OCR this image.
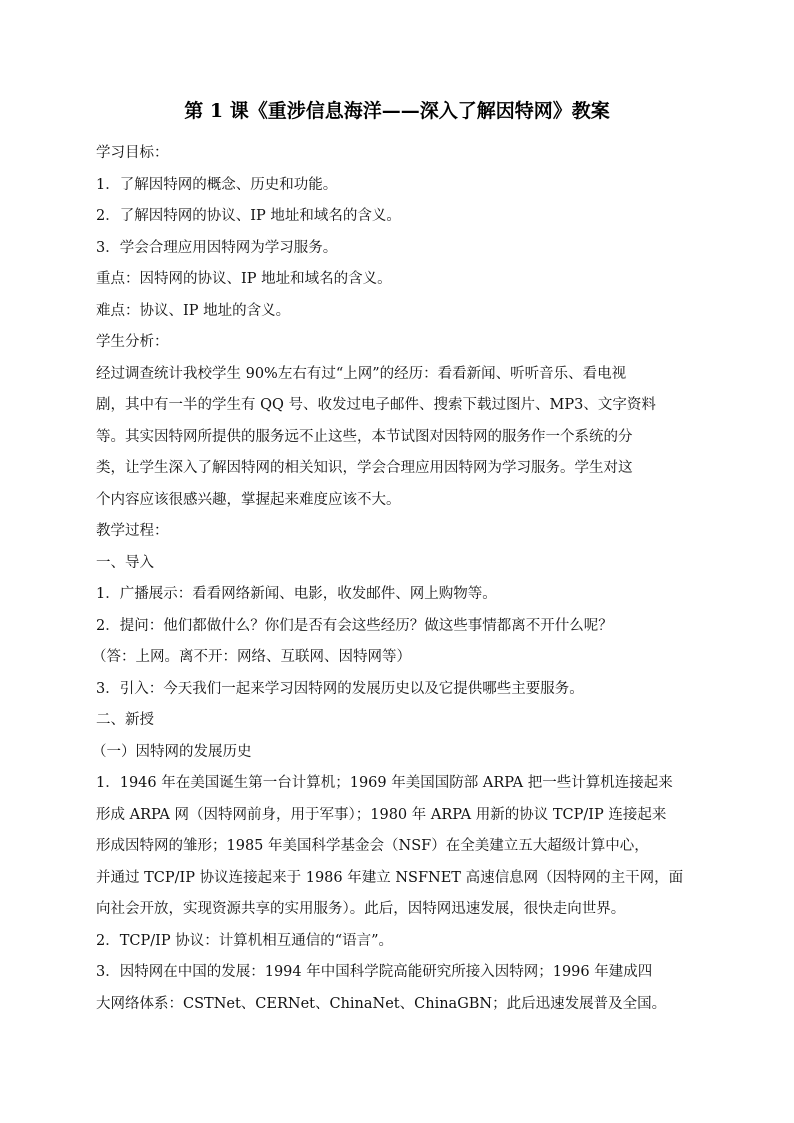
第 1 课《重涉信息海洋——深入了解因特网》教案
学习目标：
1．了解因特网的概念、历史和功能。
2．了解因特网的协议、IP 地址和域名的含义。
3．学会合理应用因特网为学习服务。
重点：因特网的协议、IP 地址和域名的含义。
难点：协议、IP 地址的含义。
学生分析：
经过调查统计我校学生 90%左右有过“上网”的经历：看看新闻、听听音乐、看电视
剧，其中有一半的学生有 QQ 号、收发过电子邮件、搜索下载过图片、MP3、文字资料
等。其实因特网所提供的服务远不止这些，本节试图对因特网的服务作一个系统的分
类，让学生深入了解因特网的相关知识，学会合理应用因特网为学习服务。学生对这
个内容应该很感兴趣，掌握起来难度应该不大。
教学过程：
一、导入
1．广播展示：看看网络新闻、电影，收发邮件、网上购物等。
2．提问：他们都做什么？你们是否有会这些经历？做这些事情都离不开什么呢？
（答：上网。离不开：网络、互联网、因特网等）
3．引入：今天我们一起来学习因特网的发展历史以及它提供哪些主要服务。
二、新授
（一）因特网的发展历史
1．1946 年在美国诞生第一台计算机；1969 年美国国防部 ARPA 把一些计算机连接起来
形成 ARPA 网（因特网前身，用于军事）；1980 年 ARPA 用新的协议 TCP/IP 连接起来
形成因特网的雏形；1985 年美国科学基金会（NSF）在全美建立五大超级计算中心，
并通过 TCP/IP 协议连接起来于 1986 年建立 NSFNET 高速信息网（因特网的主干网，面
向社会开放，实现资源共享的实用服务）。此后，因特网迅速发展，很快走向世界。
2．TCP/IP 协议：计算机相互通信的“语言”。
3．因特网在中国的发展：1994 年中国科学院高能研究所接入因特网；1996 年建成四
大网络体系：CSTNet、CERNet、ChinaNet、ChinaGBN；此后迅速发展普及全国。
